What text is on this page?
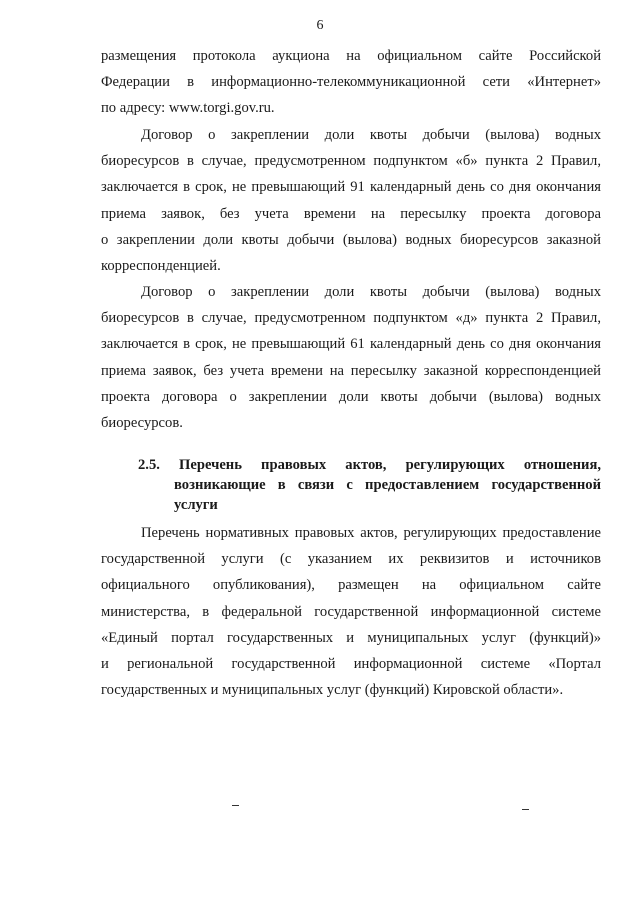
6
размещения протокола аукциона на официальном сайте Российской
Федерации в информационно-телекоммуникационной сети «Интернет»
по адресу: www.torgi.gov.ru.
Договор о закреплении доли квоты добычи (вылова) водных
биоресурсов в случае, предусмотренном подпунктом «б» пункта 2 Правил,
заключается в срок, не превышающий 91 календарный день со дня окончания
приема заявок, без учета времени на пересылку проекта договора
о закреплении доли квоты добычи (вылова) водных биоресурсов заказной
корреспонденцией.
Договор о закреплении доли квоты добычи (вылова) водных
биоресурсов в случае, предусмотренном подпунктом «д» пункта 2 Правил,
заключается в срок, не превышающий 61 календарный день со дня окончания
приема заявок, без учета времени на пересылку заказной корреспонденцией
проекта договора о закреплении доли квоты добычи (вылова) водных
биоресурсов.
2.5. Перечень правовых актов, регулирующих отношения,
возникающие в связи с предоставлением государственной
услуги
Перечень нормативных правовых актов, регулирующих предоставление
государственной услуги (с указанием их реквизитов и источников
официального опубликования), размещен на официальном сайте
министерства, в федеральной государственной информационной системе
«Единый портал государственных и муниципальных услуг (функций)»
и региональной государственной информационной системе «Портал
государственных и муниципальных услуг (функций) Кировской области».
